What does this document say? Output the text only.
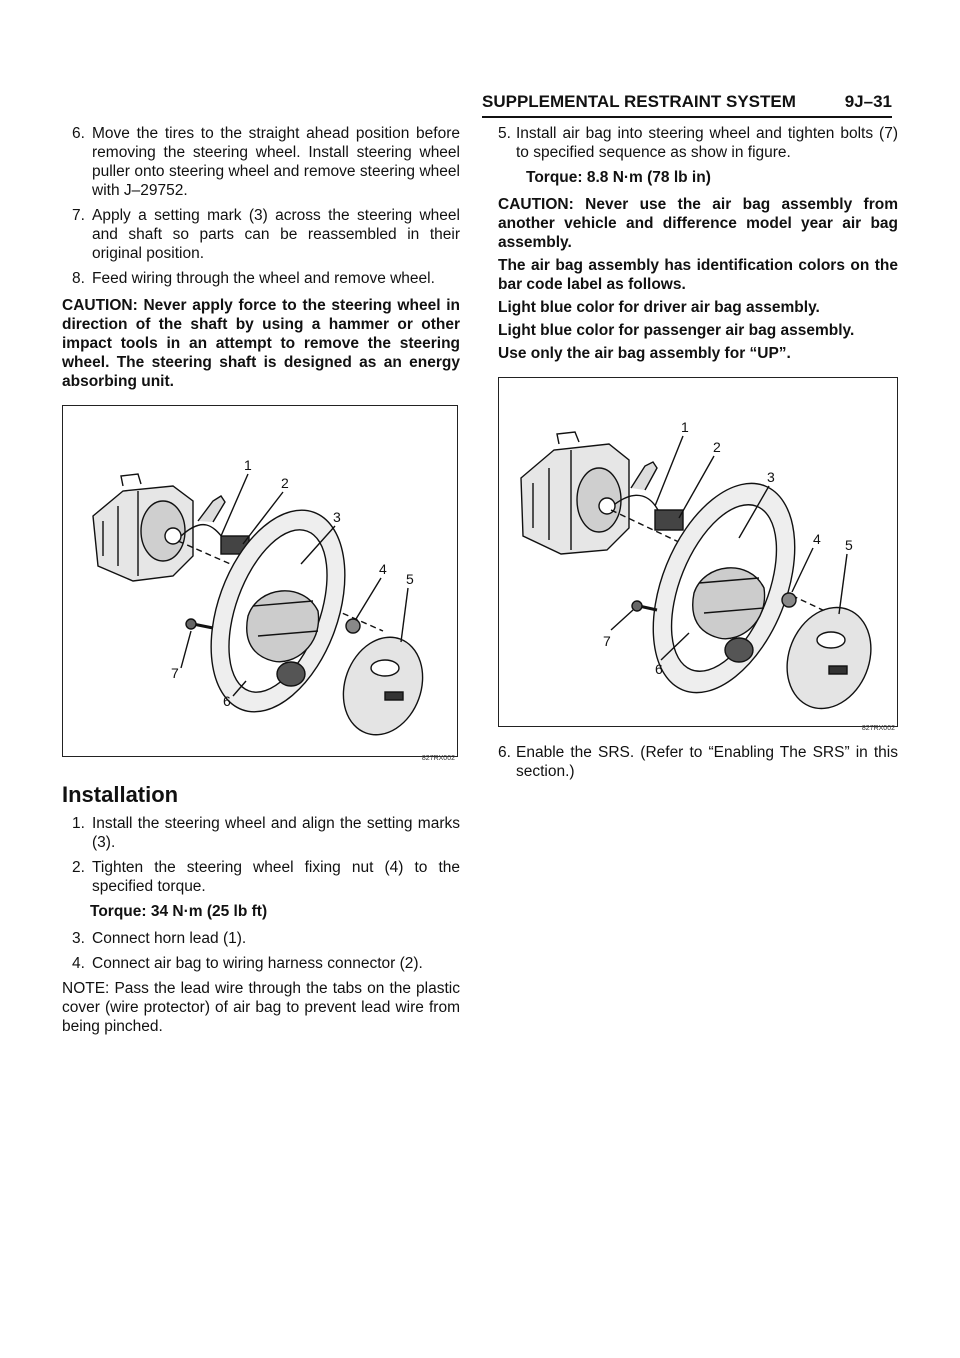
SUPPLEMENTAL RESTRAINT SYSTEM	9J–31
6. Move the tires to the straight ahead position before removing the steering wheel. Install steering wheel puller onto steering wheel and remove steering wheel with J–29752.
7. Apply a setting mark (3) across the steering wheel and shaft so parts can be reassembled in their original position.
8. Feed wiring through the wheel and remove wheel.

CAUTION: Never apply force to the steering wheel in direction of the shaft by using a hammer or other impact tools in an attempt to remove the steering wheel. The steering shaft is designed as an energy absorbing unit.

1
2
3
4
5
6
7
827RX002
Installation
1. Install the steering wheel and align the setting marks (3).
2. Tighten the steering wheel fixing nut (4) to the specified torque.

Torque: 34 N·m (25 lb ft)

3. Connect horn lead (1).
4. Connect air bag to wiring harness connector (2).

NOTE: Pass the lead wire through the tabs on the plastic cover (wire protector) of air bag to prevent lead wire from being pinched.

5. Install air bag into steering wheel and tighten bolts (7) to specified sequence as show in figure.

Torque: 8.8 N·m (78 lb in)

CAUTION: Never use the air bag assembly from another vehicle and difference model year air bag assembly.

The air bag assembly has identification colors on the bar code label as follows.

Light blue color for driver air bag assembly.

Light blue color for passenger air bag assembly.

Use only the air bag assembly for “UP”.

1
2
3
4 5
6
7
827RX002
6. Enable the SRS. (Refer to “Enabling The SRS” in this section.)
